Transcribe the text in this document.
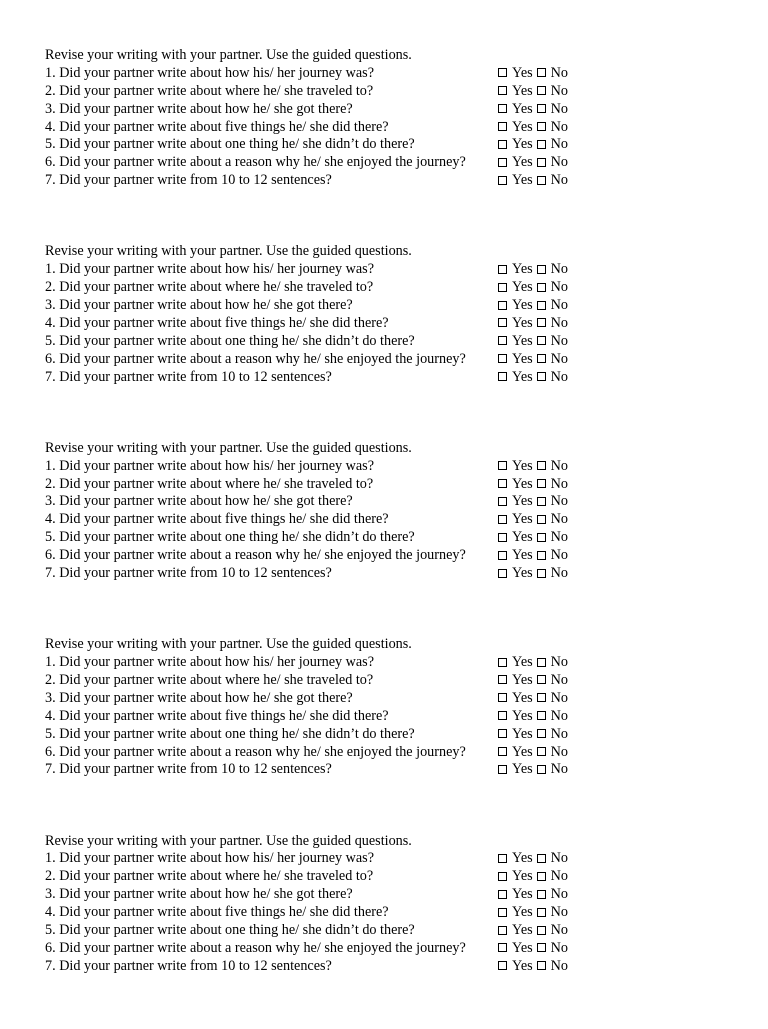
Revise your writing with your partner. Use the guided questions.
1. Did your partner write about how his/ her journey was?	Yes No
2. Did your partner write about where he/ she traveled to?	Yes No
3. Did your partner write about how he/ she got there?	Yes No
4. Did your partner write about five things he/ she did there?	Yes No
5. Did your partner write about one thing he/ she didn’t do there?	Yes No
6. Did your partner write about a reason why he/ she enjoyed the journey?	Yes No
7. Did your partner write from 10 to 12 sentences?	Yes No
Revise your writing with your partner. Use the guided questions.
1. Did your partner write about how his/ her journey was?	Yes No
2. Did your partner write about where he/ she traveled to?	Yes No
3. Did your partner write about how he/ she got there?	Yes No
4. Did your partner write about five things he/ she did there?	Yes No
5. Did your partner write about one thing he/ she didn’t do there?	Yes No
6. Did your partner write about a reason why he/ she enjoyed the journey?	Yes No
7. Did your partner write from 10 to 12 sentences?	Yes No
Revise your writing with your partner. Use the guided questions.
1. Did your partner write about how his/ her journey was?	Yes No
2. Did your partner write about where he/ she traveled to?	Yes No
3. Did your partner write about how he/ she got there?	Yes No
4. Did your partner write about five things he/ she did there?	Yes No
5. Did your partner write about one thing he/ she didn’t do there?	Yes No
6. Did your partner write about a reason why he/ she enjoyed the journey?	Yes No
7. Did your partner write from 10 to 12 sentences?	Yes No
Revise your writing with your partner. Use the guided questions.
1. Did your partner write about how his/ her journey was?	Yes No
2. Did your partner write about where he/ she traveled to?	Yes No
3. Did your partner write about how he/ she got there?	Yes No
4. Did your partner write about five things he/ she did there?	Yes No
5. Did your partner write about one thing he/ she didn’t do there?	Yes No
6. Did your partner write about a reason why he/ she enjoyed the journey?	Yes No
7. Did your partner write from 10 to 12 sentences?	Yes No
Revise your writing with your partner. Use the guided questions.
1. Did your partner write about how his/ her journey was?	Yes No
2. Did your partner write about where he/ she traveled to?	Yes No
3. Did your partner write about how he/ she got there?	Yes No
4. Did your partner write about five things he/ she did there?	Yes No
5. Did your partner write about one thing he/ she didn’t do there?	Yes No
6. Did your partner write about a reason why he/ she enjoyed the journey?	Yes No
7. Did your partner write from 10 to 12 sentences?	Yes No
